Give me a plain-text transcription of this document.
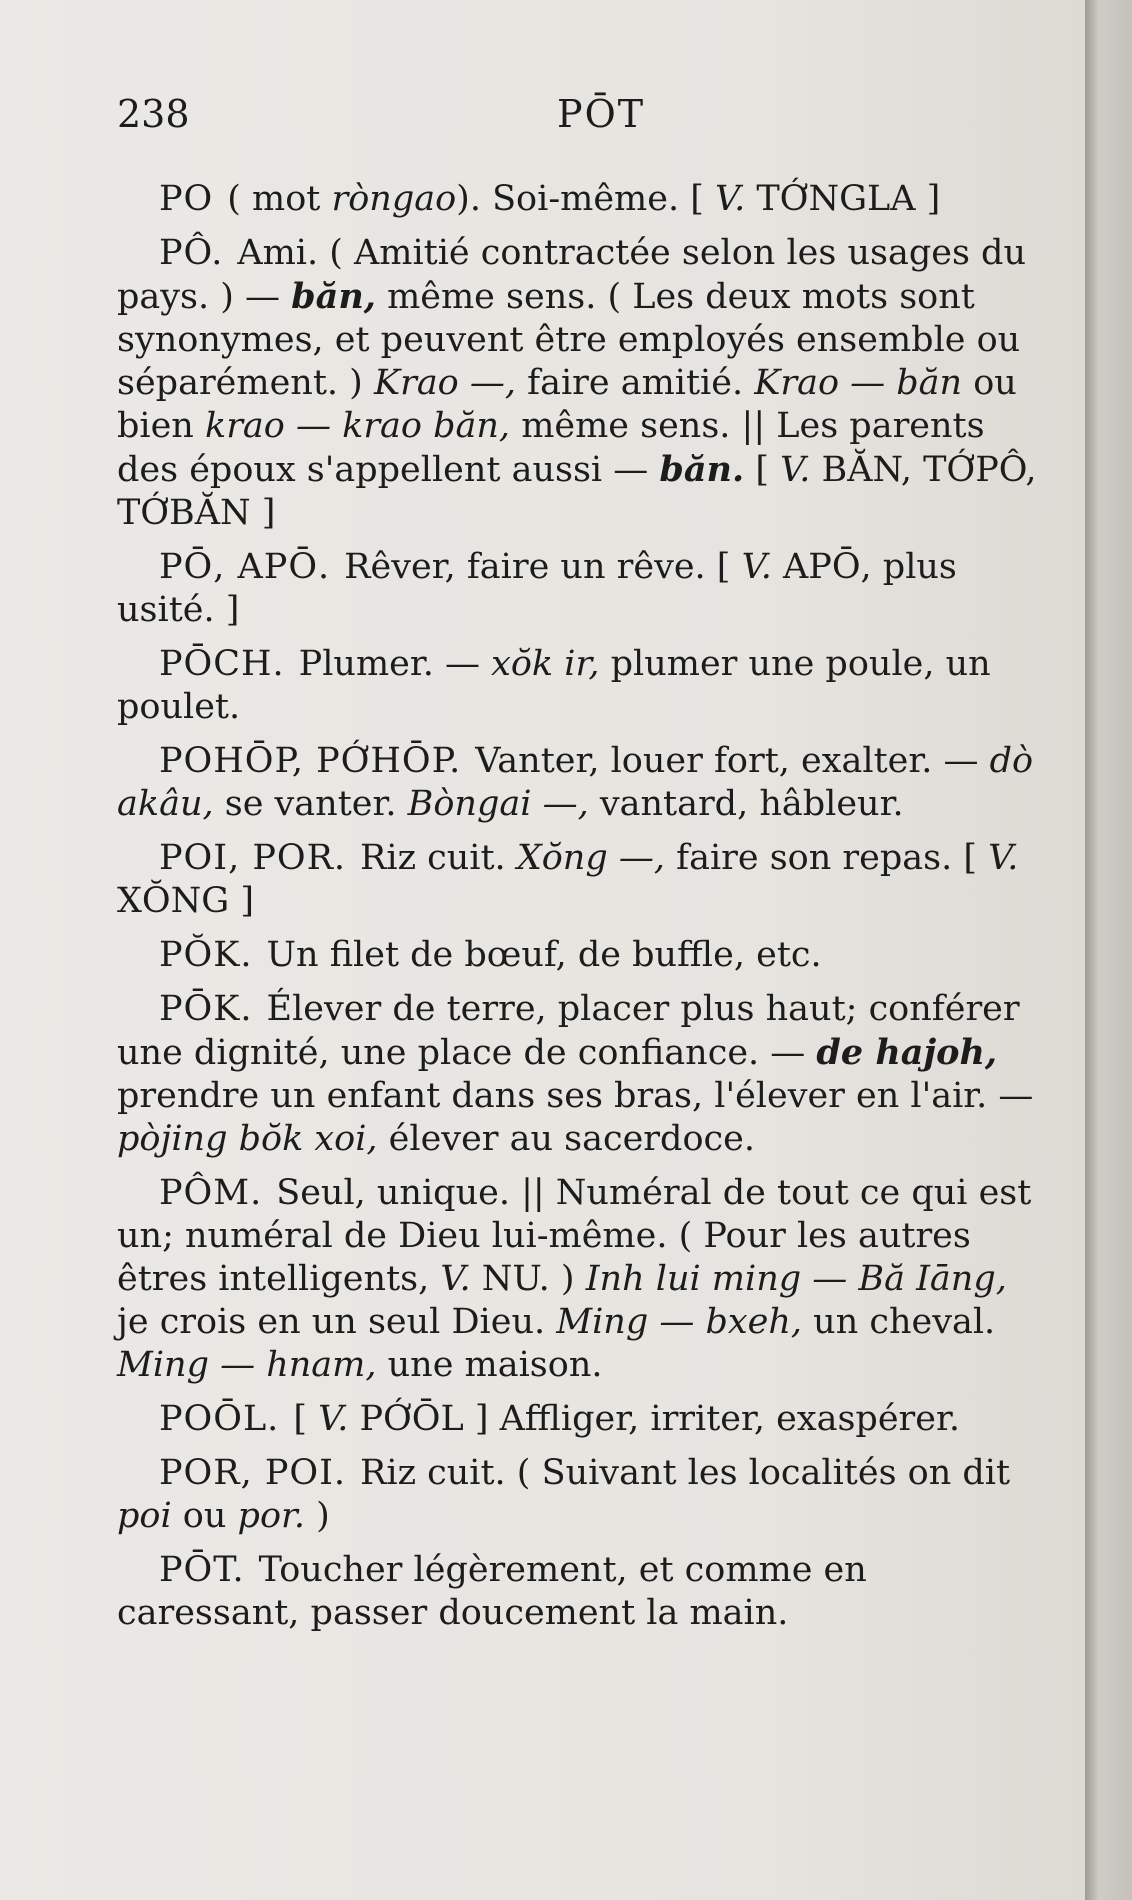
238	PŌT

PO ( mot ròngao). Soi-même. [ V. TỚNGLA ]

PÔ. Ami. ( Amitié contractée selon les usages du pays. ) — băn, même sens. ( Les deux mots sont synonymes, et peuvent être employés ensemble ou séparément. ) Krao —, faire amitié. Krao — băn ou bien krao — krao băn, même sens. || Les parents des époux s'appellent aussi — băn. [ V. BĂN, TỚPÔ, TỚBĂN ]

PŌ, APŌ. Rêver, faire un rêve. [ V. APŌ, plus usité. ]

PŌCH. Plumer. — xŏk ir, plumer une poule, un poulet.

POHŌP, PỚHŌP. Vanter, louer fort, exalter. — dò akâu, se vanter. Bòngai —, vantard, hâbleur.

POI, POR. Riz cuit. Xŏng —, faire son repas. [ V. XŎNG ]

PŎK. Un filet de bœuf, de buffle, etc.

PŌK. Élever de terre, placer plus haut; conférer une dignité, une place de confiance. — de hajoh, prendre un enfant dans ses bras, l'élever en l'air. — pòjing bŏk xoi, élever au sacerdoce.

PÔM. Seul, unique. || Numéral de tout ce qui est un; numéral de Dieu lui-même. ( Pour les autres êtres intelligents, V. NU. ) Inh lui ming — Bă Iāng, je crois en un seul Dieu. Ming — bxeh, un cheval. Ming — hnam, une maison.

POŌL. [ V. PỚŌL ] Affliger, irriter, exaspérer.

POR, POI. Riz cuit. ( Suivant les localités on dit poi ou por. )

PŌT. Toucher légèrement, et comme en caressant, passer doucement la main.
